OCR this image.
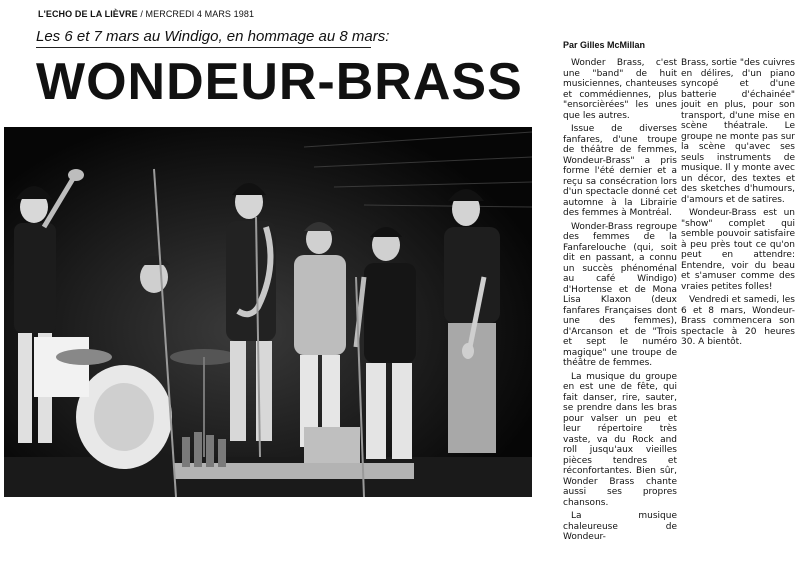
L'ECHO DE LA LIÈVRE / MERCREDI 4 MARS 1981
Les 6 et 7 mars au Windigo, en hommage au 8 mars:
WONDEUR-BRASS
Par Gilles McMillan

Wonder Brass, c'est une "band" de huit musiciennes, chanteuses et commédiennes, plus "ensorcièrées" les unes que les autres.

Issue de diverses fanfares, d'une troupe de théâtre de femmes, Wondeur-Brass" a pris forme l'été dernier et a reçu sa consécration lors d'un spectacle donné cet automne à la Librairie des femmes à Montréal.

Wonder-Brass regroupe des femmes de la Fanfarelouche (qui, soit dit en passant, a connu un succès phénoménal au café Windigo) d'Hortense et de Mona Lisa Klaxon (deux fanfares Françaises dont une des femmes), d'Arcanson et de "Trois et sept le numéro magique" une troupe de théâtre de femmes.

La musique du groupe en est une de fête, qui fait danser, rire, sauter, se prendre dans les bras pour valser un peu et leur répertoire très vaste, va du Rock and roll jusqu'aux vieilles pièces tendres et réconfortantes. Bien sûr, Wonder Brass chante aussi ses propres chansons.

La musique chaleureuse de Wondeur-

Brass, sortie "des cuivres en délires, d'un piano syncopé et d'une batterie d'échainée" jouit en plus, pour son transport, d'une mise en scène théatrale. Le groupe ne monte pas sur la scène qu'avec ses seuls instruments de musique. Il y monte avec un décor, des textes et des sketches d'humours, d'amours et de satires.

Wondeur-Brass est un "show" complet qui semble pouvoir satisfaire à peu près tout ce qu'on peut en attendre: Entendre, voir du beau et s'amuser comme des vraies petites folles!

Vendredi et samedi, les 6 et 8 mars, Wondeur-Brass commencera son spectacle à 20 heures 30. A bientôt.
